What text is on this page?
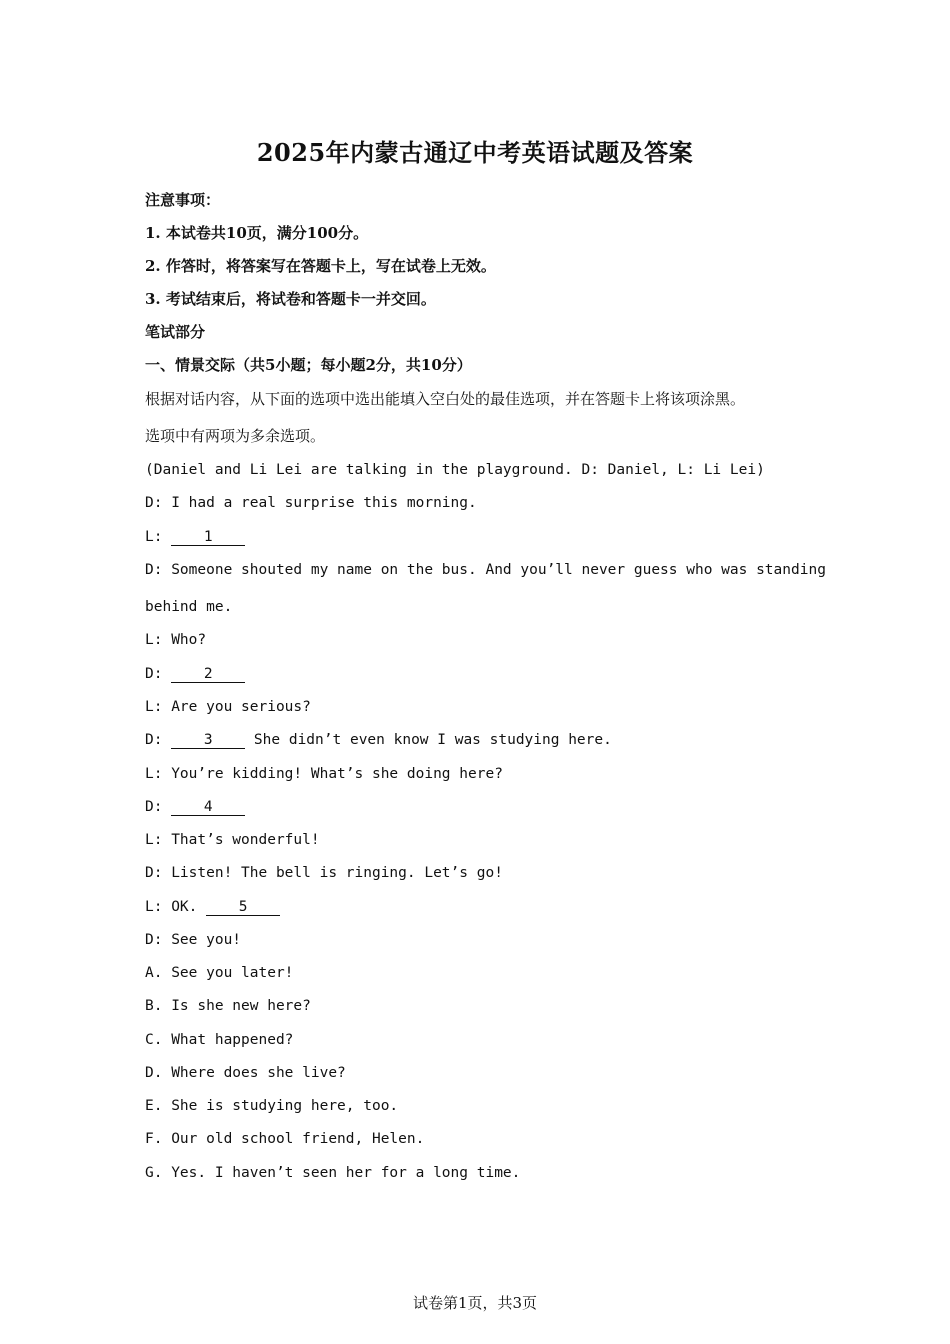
2025年内蒙古通辽中考英语试题及答案
注意事项：
1. 本试卷共10页，满分100分。
2. 作答时，将答案写在答题卡上，写在试卷上无效。
3. 考试结束后，将试卷和答题卡一并交回。
笔试部分
一、情景交际（共5小题；每小题2分，共10分）
根据对话内容，从下面的选项中选出能填入空白处的最佳选项，并在答题卡上将该项涂黑。
选项中有两项为多余选项。
(Daniel and Li Lei are talking in the playground. D: Daniel, L: Li Lei)
D: I had a real surprise this morning.
L: 1
D: Someone shouted my name on the bus. And you’ll never guess who was standing
behind me.
L: Who?
D: 2
L: Are you serious?
D: 3 She didn’t even know I was studying here.
L: You’re kidding! What’s she doing here?
D: 4
L: That’s wonderful!
D: Listen! The bell is ringing. Let’s go!
L: OK. 5
D: See you!
A. See you later!
B. Is she new here?
C. What happened?
D. Where does she live?
E. She is studying here, too.
F. Our old school friend, Helen.
G. Yes. I haven’t seen her for a long time.
试卷第1页，共3页
